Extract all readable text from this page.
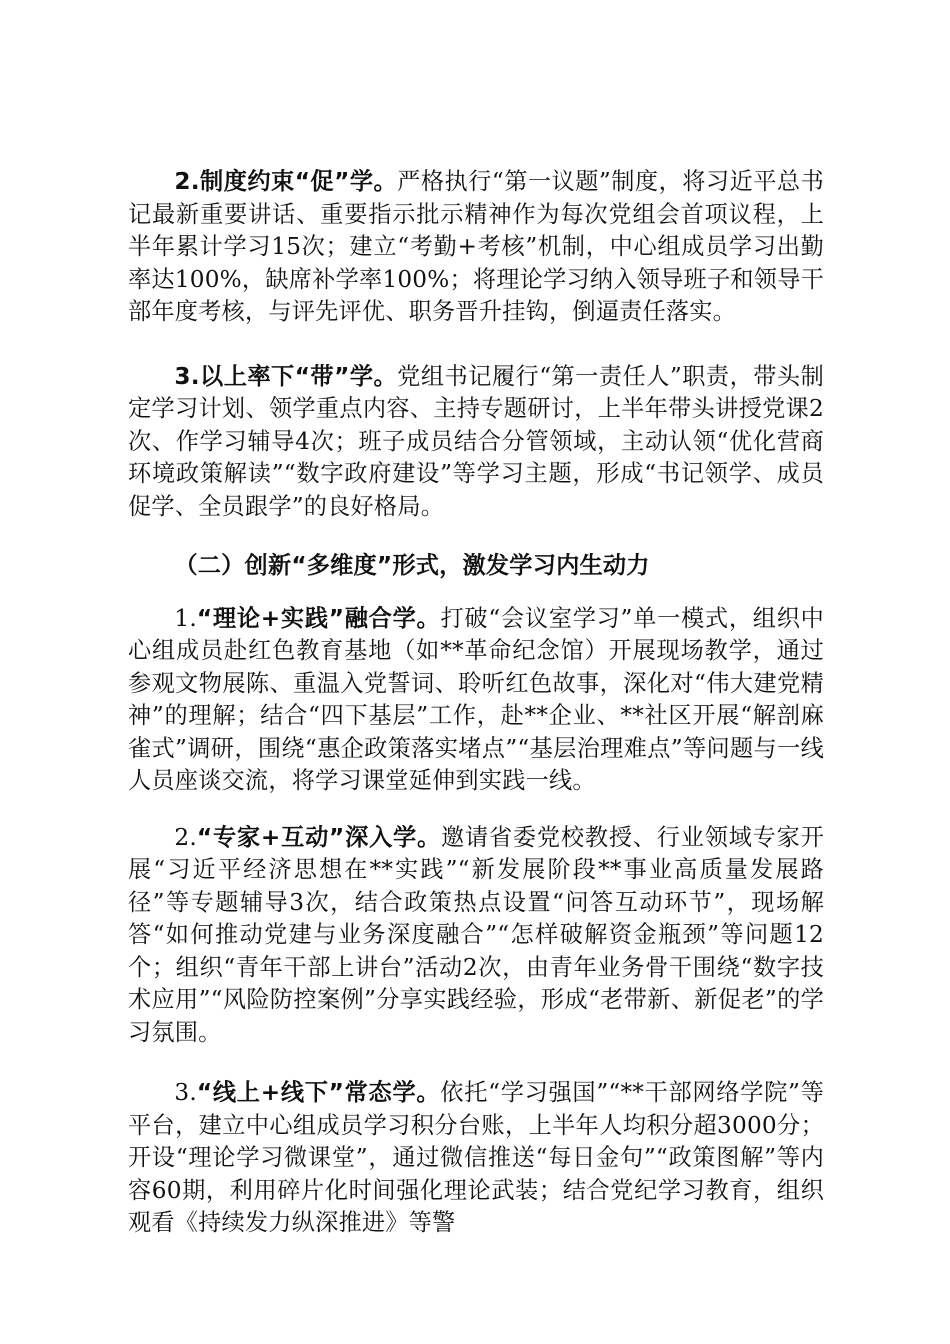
2.制度约束“促”学。严格执行“第一议题”制度，将习近平总书记最新重要讲话、重要指示批示精神作为每次党组会首项议程，上半年累计学习15次；建立“考勤+考核”机制，中心组成员学习出勤率达100%，缺席补学率100%；将理论学习纳入领导班子和领导干部年度考核，与评先评优、职务晋升挂钩，倒逼责任落实。

3.以上率下“带”学。党组书记履行“第一责任人”职责，带头制定学习计划、领学重点内容、主持专题研讨，上半年带头讲授党课2次、作学习辅导4次；班子成员结合分管领域，主动认领“优化营商环境政策解读”“数字政府建设”等学习主题，形成“书记领学、成员促学、全员跟学”的良好格局。

（二）创新“多维度”形式，激发学习内生动力

1.“理论+实践”融合学。打破“会议室学习”单一模式，组织中心组成员赴红色教育基地（如**革命纪念馆）开展现场教学，通过参观文物展陈、重温入党誓词、聆听红色故事，深化对“伟大建党精神”的理解；结合“四下基层”工作，赴**企业、**社区开展“解剖麻雀式”调研，围绕“惠企政策落实堵点”“基层治理难点”等问题与一线人员座谈交流，将学习课堂延伸到实践一线。

2.“专家+互动”深入学。邀请省委党校教授、行业领域专家开展“习近平经济思想在**实践”“新发展阶段**事业高质量发展路径”等专题辅导3次，结合政策热点设置“问答互动环节”，现场解答“如何推动党建与业务深度融合”“怎样破解资金瓶颈”等问题12个；组织“青年干部上讲台”活动2次，由青年业务骨干围绕“数字技术应用”“风险防控案例”分享实践经验，形成“老带新、新促老”的学习氛围。

3.“线上+线下”常态学。依托“学习强国”“**干部网络学院”等平台，建立中心组成员学习积分台账，上半年人均积分超3000分；开设“理论学习微课堂”，通过微信推送“每日金句”“政策图解”等内容60期，利用碎片化时间强化理论武装；结合党纪学习教育，组织观看《持续发力纵深推进》等警
